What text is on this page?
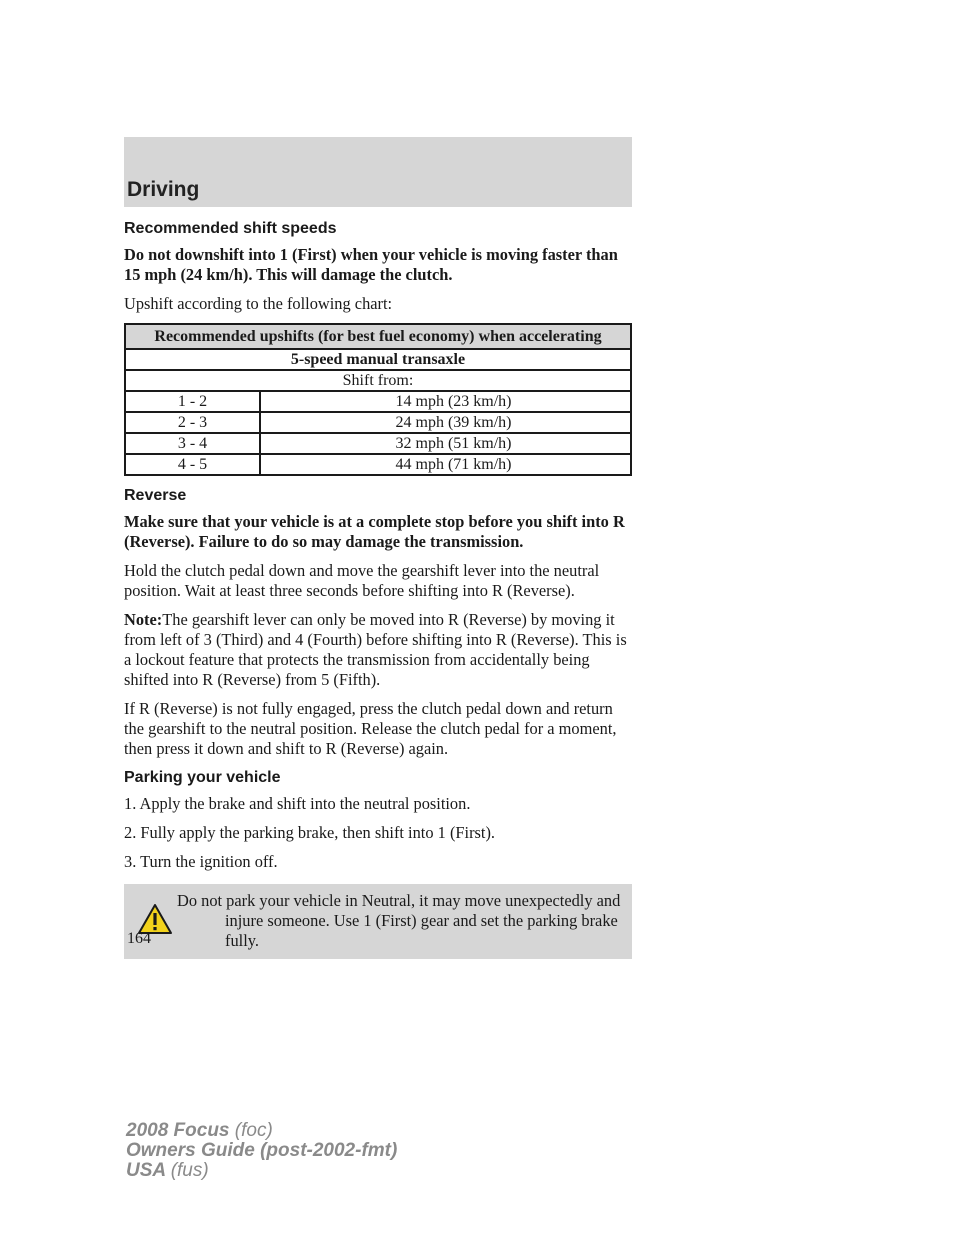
Driving

Recommended shift speeds

Do not downshift into 1 (First) when your vehicle is moving faster than 15 mph (24 km/h). This will damage the clutch.

Upshift according to the following chart:

Recommended upshifts (for best fuel economy) when accelerating	
5-speed manual transaxle	
Shift from:	
1 - 2	14 mph (23 km/h)
2 - 3	24 mph (39 km/h)
3 - 4	32 mph (51 km/h)
4 - 5	44 mph (71 km/h)

Reverse

Make sure that your vehicle is at a complete stop before you shift into R (Reverse). Failure to do so may damage the transmission.

Hold the clutch pedal down and move the gearshift lever into the neutral position. Wait at least three seconds before shifting into R (Reverse).

Note:The gearshift lever can only be moved into R (Reverse) by moving it from left of 3 (Third) and 4 (Fourth) before shifting into R (Reverse). This is a lockout feature that protects the transmission from accidentally being shifted into R (Reverse) from 5 (Fifth).

If R (Reverse) is not fully engaged, press the clutch pedal down and return the gearshift to the neutral position. Release the clutch pedal for a moment, then press it down and shift to R (Reverse) again.

Parking your vehicle

1. Apply the brake and shift into the neutral position.

2. Fully apply the parking brake, then shift into 1 (First).

3. Turn the ignition off.

Do not park your vehicle in Neutral, it may move unexpectedly and injure someone. Use 1 (First) gear and set the parking brake fully.

164
2008 Focus (foc)
Owners Guide (post-2002-fmt)
USA (fus)
